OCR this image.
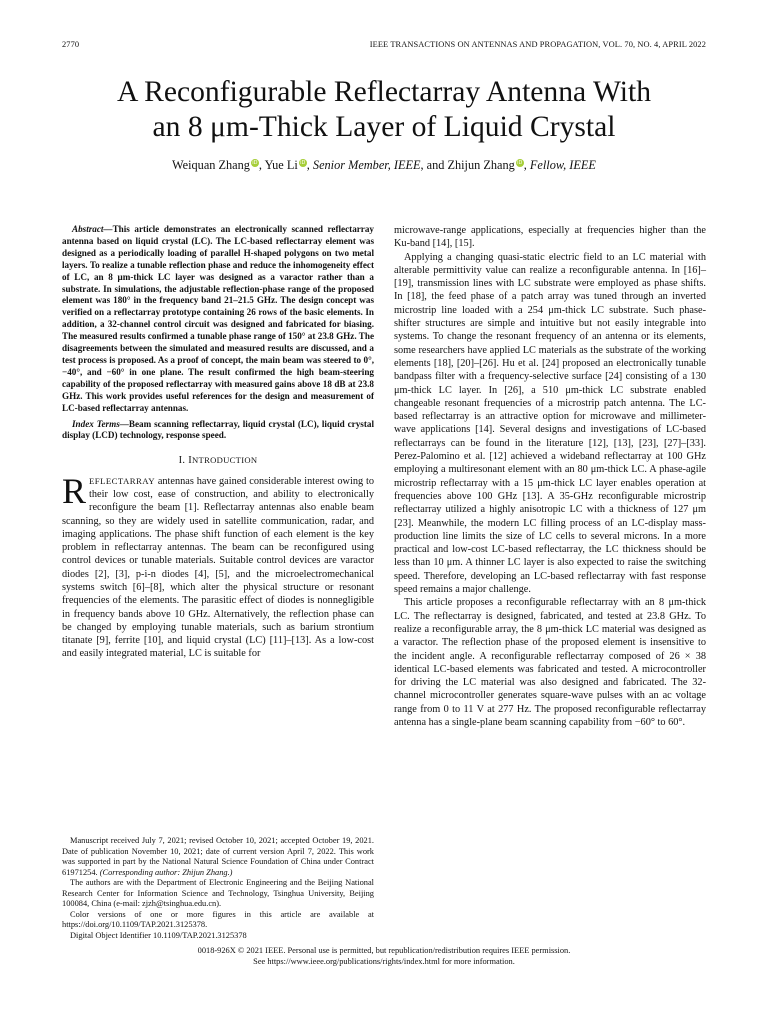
2770	IEEE TRANSACTIONS ON ANTENNAS AND PROPAGATION, VOL. 70, NO. 4, APRIL 2022
A Reconfigurable Reflectarray Antenna With
an 8 μm-Thick Layer of Liquid Crystal

Weiquan Zhang iD, Yue Li iD, Senior Member, IEEE, and Zhijun Zhang iD, Fellow, IEEE

Abstract—This article demonstrates an electronically scanned reflectarray antenna based on liquid crystal (LC). The LC-based reflectarray element was designed as a periodically loading of parallel H-shaped polygons on two metal layers. To realize a tunable reflection phase and reduce the inhomogeneity effect of LC, an 8 μm-thick LC layer was designed as a varactor rather than a substrate. In simulations, the adjustable reflection-phase range of the proposed element was 180° in the frequency band 21–21.5 GHz. The design concept was verified on a reflectarray prototype containing 26 rows of the basic elements. In addition, a 32-channel control circuit was designed and fabricated for biasing. The measured results confirmed a tunable phase range of 150° at 23.8 GHz. The disagreements between the simulated and measured results are discussed, and a test process is proposed. As a proof of concept, the main beam was steered to 0°, −40°, and −60° in one plane. The result confirmed the high beam-steering capability of the proposed reflectarray with measured gains above 18 dB at 23.8 GHz. This work provides useful references for the design and measurement of LC-based reflectarray antennas.

Index Terms—Beam scanning reflectarray, liquid crystal (LC), liquid crystal display (LCD) technology, response speed.

I. INTRODUCTION

REFLECTARRAY antennas have gained considerable interest owing to their low cost, ease of construction, and ability to electronically reconfigure the beam [1]. Reflectarray antennas also enable beam scanning, so they are widely used in satellite communication, radar, and imaging applications. The phase shift function of each element is the key problem in reflectarray antennas. The beam can be reconfigured using control devices or tunable materials. Suitable control devices are varactor diodes [2], [3], p-i-n diodes [4], [5], and the microelectromechanical systems switch [6]–[8], which alter the physical structure or resonant frequencies of the elements. The parasitic effect of diodes is nonnegligible in frequency bands above 10 GHz. Alternatively, the reflection phase can be changed by employing tunable materials, such as barium strontium titanate [9], ferrite [10], and liquid crystal (LC) [11]–[13]. As a low-cost and easily integrated material, LC is suitable for

Manuscript received July 7, 2021; revised October 10, 2021; accepted October 19, 2021. Date of publication November 10, 2021; date of current version April 7, 2022. This work was supported in part by the National Natural Science Foundation of China under Contract 61971254. (Corresponding author: Zhijun Zhang.)

The authors are with the Department of Electronic Engineering and the Beijing National Research Center for Information Science and Technology, Tsinghua University, Beijing 100084, China (e-mail: zjzh@tsinghua.edu.cn).

Color versions of one or more figures in this article are available at https://doi.org/10.1109/TAP.2021.3125378.

Digital Object Identifier 10.1109/TAP.2021.3125378

microwave-range applications, especially at frequencies higher than the Ku-band [14], [15].

Applying a changing quasi-static electric field to an LC material with alterable permittivity value can realize a reconfigurable antenna. In [16]–[19], transmission lines with LC substrate were employed as phase shifts. In [18], the feed phase of a patch array was tuned through an inverted microstrip line loaded with a 254 μm-thick LC substrate. Such phase-shifter structures are simple and intuitive but not easily integrable into systems. To change the resonant frequency of an antenna or its elements, some researchers have applied LC materials as the substrate of the working elements [18], [20]–[26]. Hu et al. [24] proposed an electronically tunable bandpass filter with a frequency-selective surface [24] consisting of a 130 μm-thick LC layer. In [26], a 510 μm-thick LC substrate enabled changeable resonant frequencies of a microstrip patch antenna. The LC-based reflectarray is an attractive option for microwave and millimeter-wave applications [14]. Several designs and investigations of LC-based reflectarrays can be found in the literature [12], [13], [23], [27]–[33]. Perez-Palomino et al. [12] achieved a wideband reflectarray at 100 GHz employing a multiresonant element with an 80 μm-thick LC. A phase-agile microstrip reflectarray with a 15 μm-thick LC layer enables operation at frequencies above 100 GHz [13]. A 35-GHz reconfigurable microstrip reflectarray utilized a highly anisotropic LC with a thickness of 127 μm [23]. Meanwhile, the modern LC filling process of an LC-display mass-production line limits the size of LC cells to several microns. In a more practical and low-cost LC-based reflectarray, the LC thickness should be less than 10 μm. A thinner LC layer is also expected to raise the switching speed. Therefore, developing an LC-based reflectarray with fast response speed remains a major challenge.

This article proposes a reconfigurable reflectarray with an 8 μm-thick LC. The reflectarray is designed, fabricated, and tested at 23.8 GHz. To realize a reconfigurable array, the 8 μm-thick LC material was designed as a varactor. The reflection phase of the proposed element is insensitive to the incident angle. A reconfigurable reflectarray composed of 26 × 38 identical LC-based elements was fabricated and tested. A microcontroller for driving the LC material was also designed and fabricated. The 32-channel microcontroller generates square-wave pulses with an ac voltage range from 0 to 11 V at 277 Hz. The proposed reconfigurable reflectarray antenna has a single-plane beam scanning capability from −60° to 60°.

0018-926X © 2021 IEEE. Personal use is permitted, but republication/redistribution requires IEEE permission.

See https://www.ieee.org/publications/rights/index.html for more information.
